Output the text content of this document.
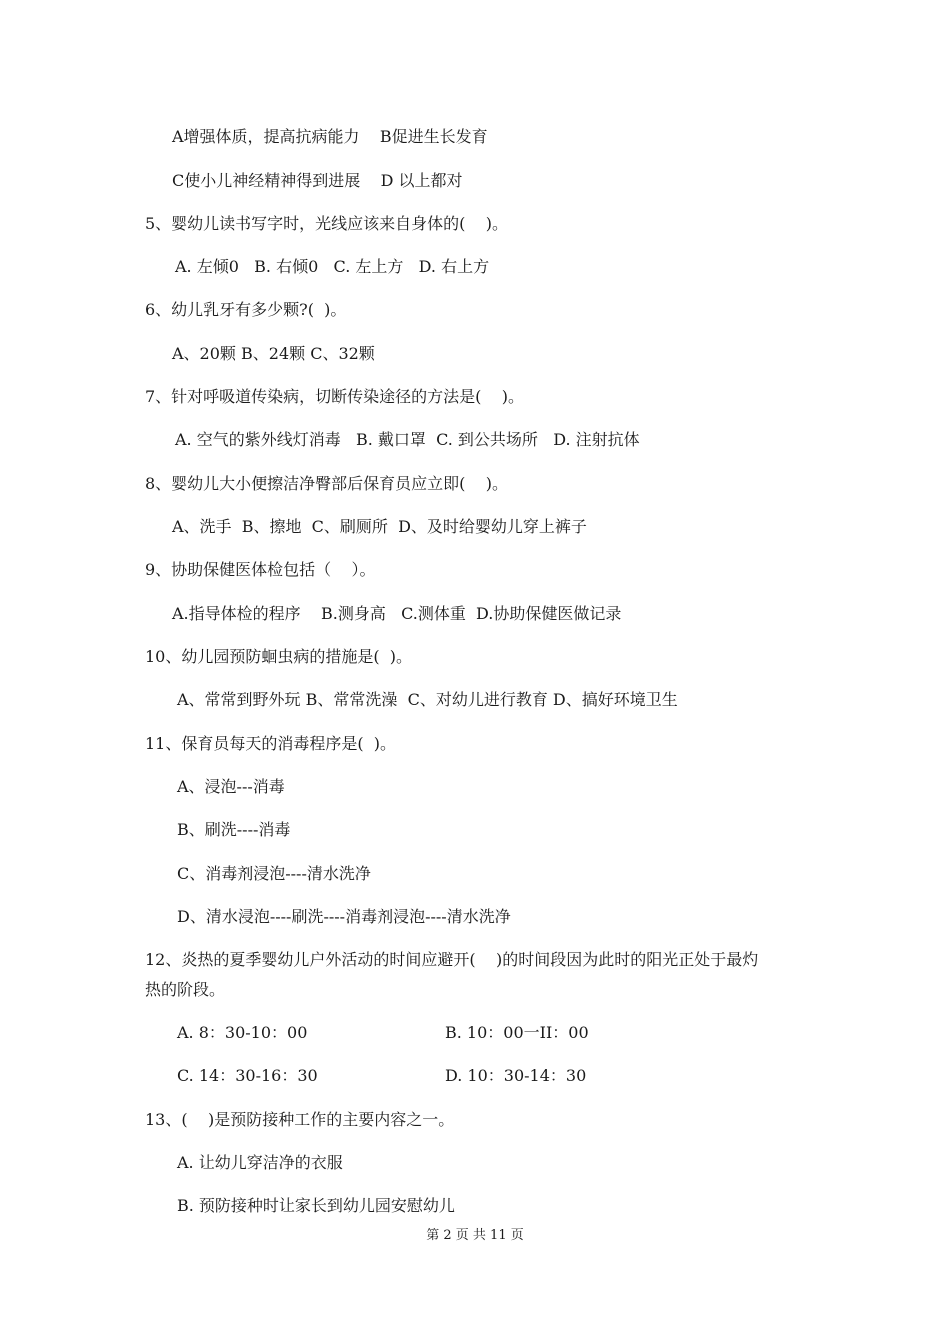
A增强体质，提高抗病能力    B促进生长发育
C使小儿神经精神得到进展    D 以上都对
5、婴幼儿读书写字时，光线应该来自身体的(    )。
A. 左倾0   B. 右倾0   C. 左上方   D. 右上方
6、幼儿乳牙有多少颗?(  )。
A、20颗 B、24颗 C、32颗
7、针对呼吸道传染病，切断传染途径的方法是(    )。
A. 空气的紫外线灯消毒   B. 戴口罩  C. 到公共场所   D. 注射抗体
8、婴幼儿大小便擦洁净臀部后保育员应立即(    )。
A、洗手  B、擦地  C、刷厕所  D、及时给婴幼儿穿上裤子
9、协助保健医体检包括（    ）。
A.指导体检的程序    B.测身高   C.测体重  D.协助保健医做记录
10、幼儿园预防蛔虫病的措施是(  )。
A、常常到野外玩 B、常常洗澡  C、对幼儿进行教育 D、搞好环境卫生
11、保育员每天的消毒程序是(  )。
A、浸泡---消毒
B、刷洗----消毒
C、消毒剂浸泡----清水洗净
D、清水浸泡----刷洗----消毒剂浸泡----清水洗净
12、炎热的夏季婴幼儿户外活动的时间应避开(    )的时间段因为此时的阳光正处于最灼
热的阶段。
A. 8：30-10：00	B. 10：00一II：00
C. 14：30-16：30	D. 10：30-14：30
13、(    )是预防接种工作的主要内容之一。
A. 让幼儿穿洁净的衣服
B. 预防接种时让家长到幼儿园安慰幼儿
第 2 页 共 11 页
